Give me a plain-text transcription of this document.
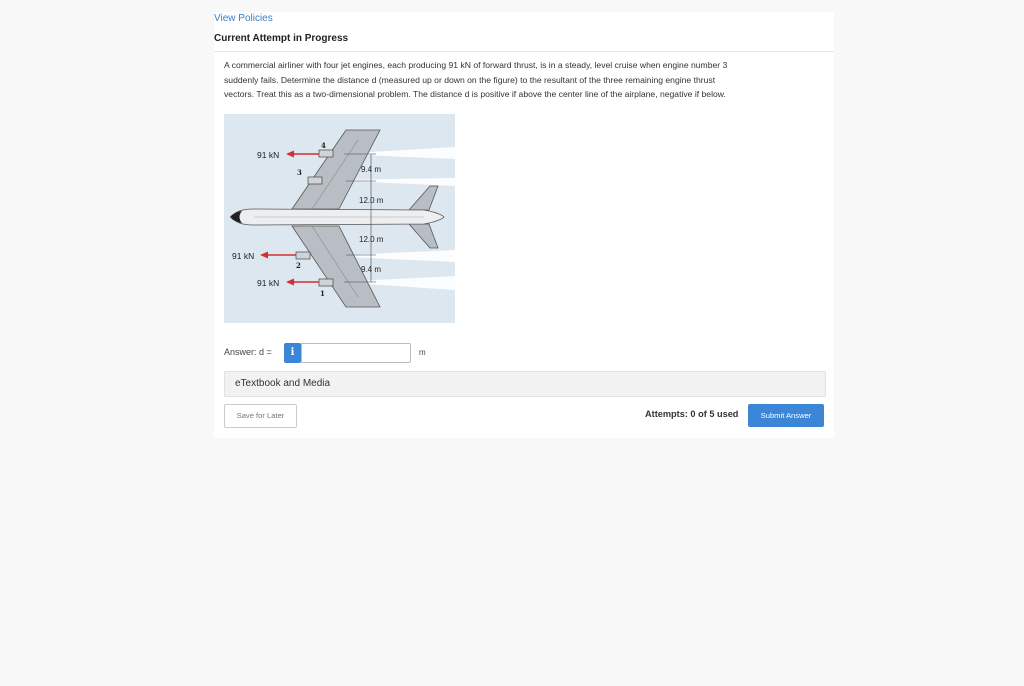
View Policies
Current Attempt in Progress
A commercial airliner with four jet engines, each producing 91 kN of forward thrust, is in a steady, level cruise when engine number 3
suddenly fails. Determine the distance d (measured up or down on the figure) to the resultant of the three remaining engine thrust
vectors. Treat this as a two-dimensional problem. The distance d is positive if above the center line of the airplane, negative if below.
91 kN
91 kN
91 kN
4
3
2
1
9.4 m
12.0 m
12.0 m
9.4 m
Answer: d =	i	m
eTextbook and Media
Save for Later	Attempts: 0 of 5 used	Submit Answer
